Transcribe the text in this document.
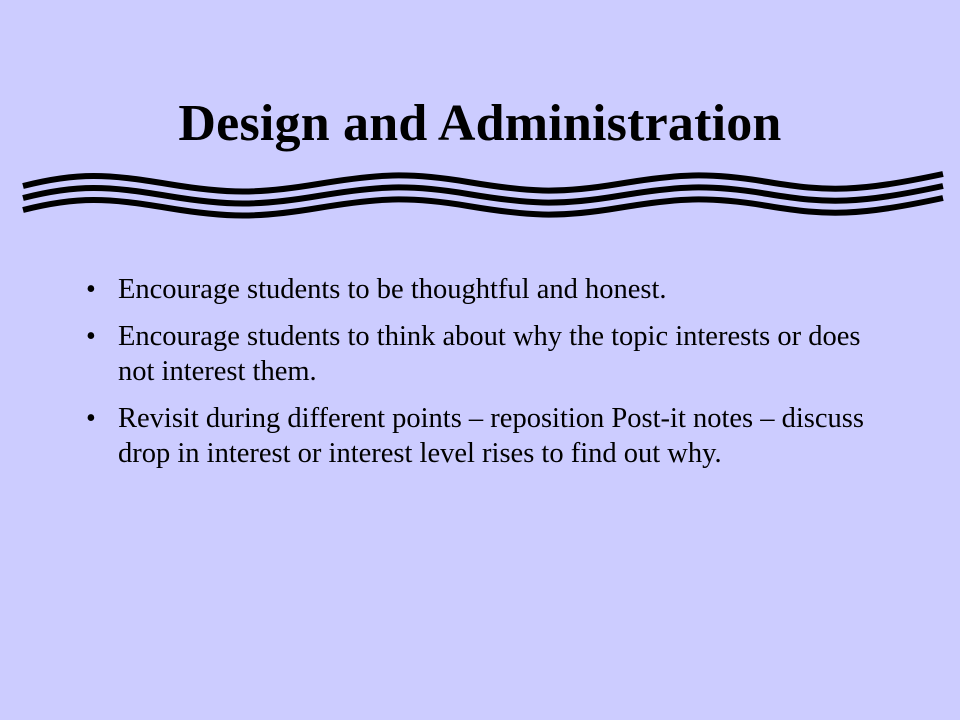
Design and Administration
• Encourage students to be thoughtful and honest.
• Encourage students to think about why the topic interests or does not interest them.
• Revisit during different points – reposition Post-it notes – discuss drop in interest or interest level rises to find out why.
